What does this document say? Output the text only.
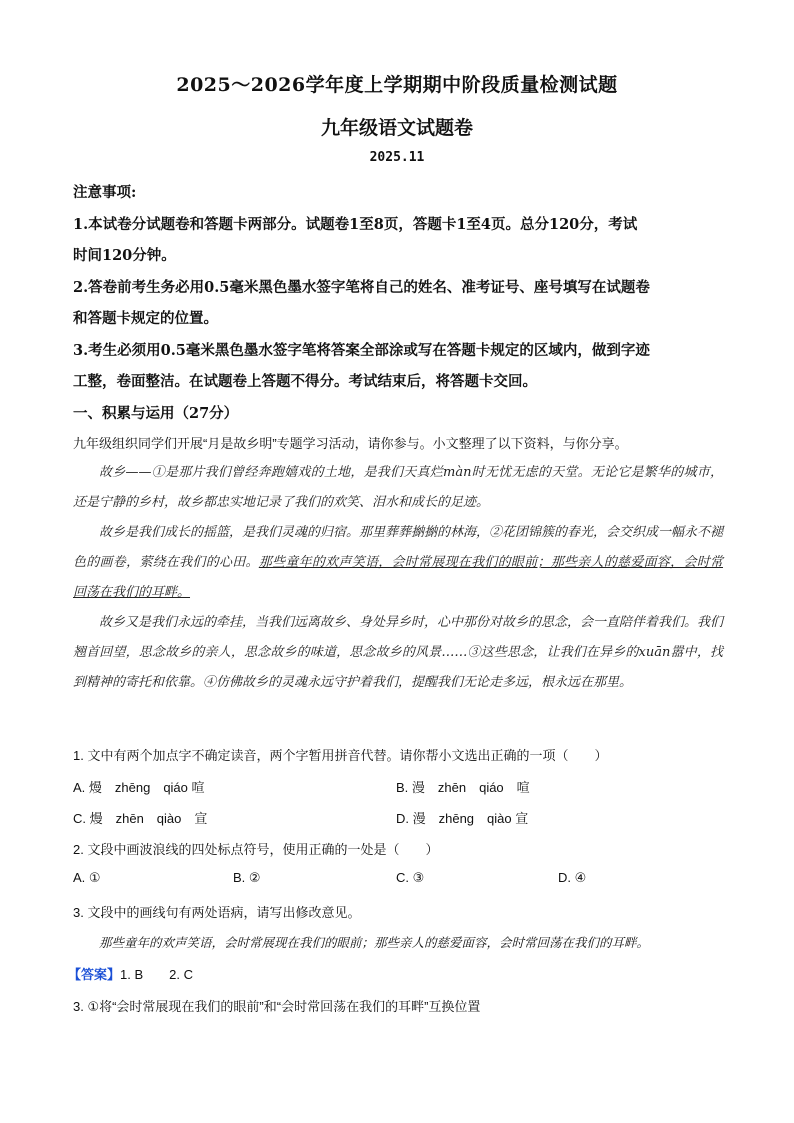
2025～2026学年度上学期期中阶段质量检测试题
九年级语文试题卷
2025.11
注意事项:
1.本试卷分试题卷和答题卡两部分。试题卷1至8页，答题卡1至4页。总分120分，考试
时间120分钟。
2.答卷前考生务必用0.5毫米黑色墨水签字笔将自己的姓名、准考证号、座号填写在试题卷
和答题卡规定的位置。
3.考生必须用0.5毫米黑色墨水签字笔将答案全部涂或写在答题卡规定的区域内，做到字迹
工整，卷面整洁。在试题卷上答题不得分。考试结束后，将答题卡交回。
一、积累与运用（27分）
九年级组织同学们开展“月是故乡明”专题学习活动，请你参与。小文整理了以下资料，与你分享。

故乡——①是那片我们曾经奔跑嬉戏的土地，是我们天真烂màn时无忧无虑的天堂。无论它是繁华的城市，还是宁静的乡村，故乡都忠实地记录了我们的欢笑、泪水和成长的足迹。

故乡是我们成长的摇篮，是我们灵魂的归宿。那里葬葬㨥㨥的林海，②花团锦簇的春光，会交织成一幅永不褪色的画卷，萦绕在我们的心田。那些童年的欢声笑语，会时常展现在我们的眼前；那些亲人的慈爱面容，会时常回荡在我们的耳畔。

故乡又是我们永远的牵挂，当我们远离故乡、身处异乡时，心中那份对故乡的思念，会一直陪伴着我们。我们翘首回望，思念故乡的亲人，思念故乡的味道，思念故乡的风景……③这些思念，让我们在异乡的xuān嚣中，找到精神的寄托和依靠。④仿佛故乡的灵魂永远守护着我们，提醒我们无论走多远，根永远在那里。

1. 文中有两个加点字不确定读音，两个字暂用拼音代替。请你帮小文选出正确的一项（　　）
A. 熳　zhēng　qiáo 喧	B. 漫　zhēn　qiáo　喧
C. 熳　zhēn　qiào　宣	D. 漫　zhēng　qiào 宣
2. 文段中画波浪线的四处标点符号，使用正确的一处是（　　）
A. ①	B. ②	C. ③	D. ④
3. 文段中的画线句有两处语病，请写出修改意见。
那些童年的欢声笑语，会时常展现在我们的眼前；那些亲人的慈爱面容，会时常回荡在我们的耳畔。
【答案】1. B　　2. C
3. ①将“会时常展现在我们的眼前”和“会时常回荡在我们的耳畔”互换位置
